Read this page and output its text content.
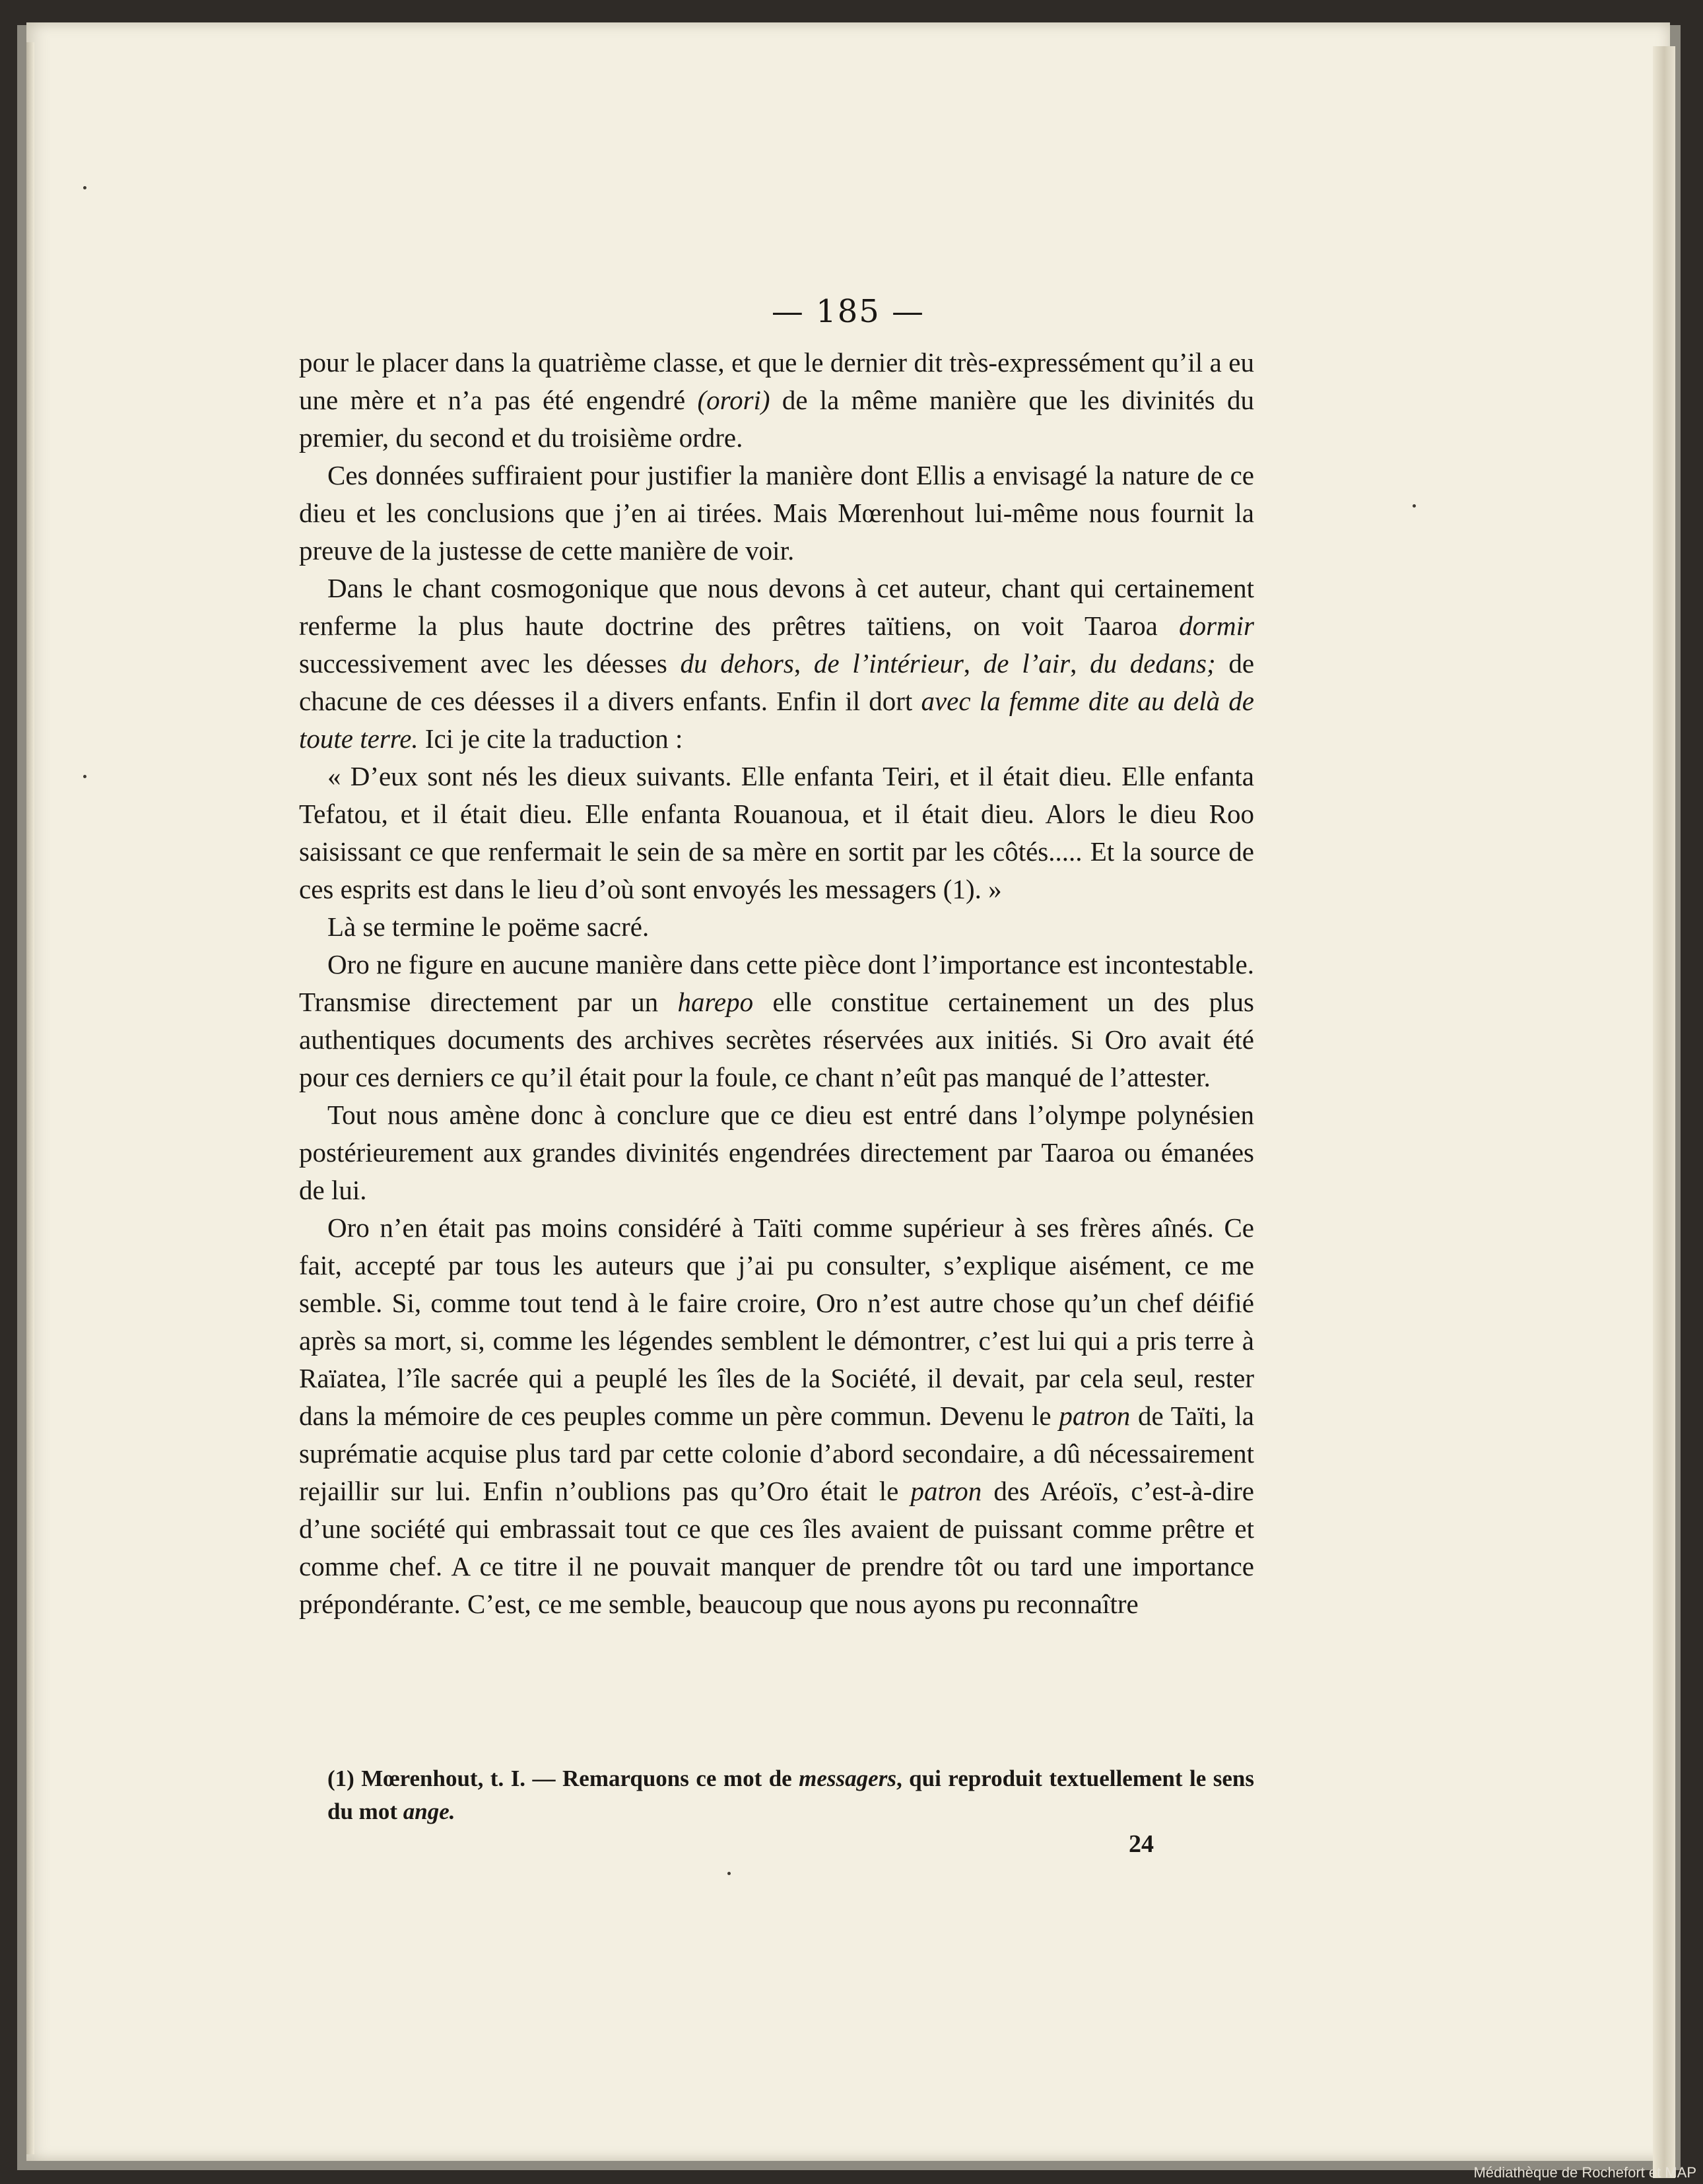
— 185 —

pour le placer dans la quatrième classe, et que le dernier dit très-expressément qu’il a eu une mère et n’a pas été engendré (orori) de la même manière que les divinités du premier, du second et du troisième ordre.

Ces données suffiraient pour justifier la manière dont Ellis a envisagé la nature de ce dieu et les conclusions que j’en ai tirées. Mais Mœrenhout lui-même nous fournit la preuve de la justesse de cette manière de voir.

Dans le chant cosmogonique que nous devons à cet auteur, chant qui certainement renferme la plus haute doctrine des prêtres taïtiens, on voit Taaroa dormir successivement avec les déesses du dehors, de l’intérieur, de l’air, du dedans; de chacune de ces déesses il a divers enfants. Enfin il dort avec la femme dite au delà de toute terre. Ici je cite la traduction :

« D’eux sont nés les dieux suivants. Elle enfanta Teiri, et il était dieu. Elle enfanta Tefatou, et il était dieu. Elle enfanta Rouanoua, et il était dieu. Alors le dieu Roo saisissant ce que renfermait le sein de sa mère en sortit par les côtés..... Et la source de ces esprits est dans le lieu d’où sont envoyés les messagers (1). »

Là se termine le poëme sacré.

Oro ne figure en aucune manière dans cette pièce dont l’importance est incontestable. Transmise directement par un harepo elle constitue certainement un des plus authentiques documents des archives secrètes réservées aux initiés. Si Oro avait été pour ces derniers ce qu’il était pour la foule, ce chant n’eût pas manqué de l’attester.

Tout nous amène donc à conclure que ce dieu est entré dans l’olympe polynésien postérieurement aux grandes divinités engendrées directement par Taaroa ou émanées de lui.

Oro n’en était pas moins considéré à Taïti comme supérieur à ses frères aînés. Ce fait, accepté par tous les auteurs que j’ai pu consulter, s’explique aisément, ce me semble. Si, comme tout tend à le faire croire, Oro n’est autre chose qu’un chef déifié après sa mort, si, comme les légendes semblent le démontrer, c’est lui qui a pris terre à Raïatea, l’île sacrée qui a peuplé les îles de la Société, il devait, par cela seul, rester dans la mémoire de ces peuples comme un père commun. Devenu le patron de Taïti, la suprématie acquise plus tard par cette colonie d’abord secondaire, a dû nécessairement rejaillir sur lui. Enfin n’oublions pas qu’Oro était le patron des Aréoïs, c’est-à-dire d’une société qui embrassait tout ce que ces îles avaient de puissant comme prêtre et comme chef. A ce titre il ne pouvait manquer de prendre tôt ou tard une importance prépondérante. C’est, ce me semble, beaucoup que nous ayons pu reconnaître

(1) Mœrenhout, t. I. — Remarquons ce mot de messagers, qui reproduit textuellement le sens du mot ange.
24
Médiathèque de Rochefort et MAP
